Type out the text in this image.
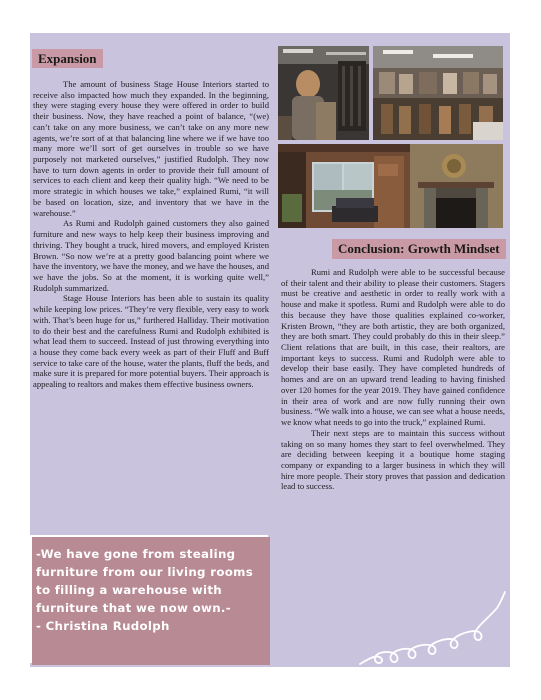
Expansion

The amount of business Stage House Interiors started to receive also impacted how much they expanded. In the beginning, they were staging every house they were offered in order to build their business. Now, they have reached a point of balance, “(we) can’t take on any more business, we can’t take on any more new agents, we’re sort of at that balancing line where we if we have too many more we’ll sort of get ourselves in trouble so we have purposely not marketed ourselves,” justified Rudolph. They now have to turn down agents in order to provide their full amount of services to each client and keep their quality high. “We need to be more strategic in which houses we take,” explained Rumi, “it will be based on location, size, and inventory that we have in the warehouse.”

As Rumi and Rudolph gained customers they also gained furniture and new ways to help keep their business improving and thriving. They bought a truck, hired movers, and employed Kristen Brown. “So now we’re at a pretty good balancing point where we have the inventory, we have the money, and we have the houses, and we have the jobs. So at the moment, it is working quite well,” Rudolph summarized.

Stage House Interiors has been able to sustain its quality while keeping low prices. “They’re very flexible, very easy to work with. That’s been huge for us,” furthered Halliday. Their motivation to do their best and the carefulness Rumi and Rudolph exhibited is what lead them to succeed. Instead of just throwing everything into a house they come back every week as part of their Fluff and Buff service to take care of the house, water the plants, fluff the beds, and make sure it is prepared for more potential buyers. Their approach is appealing to realtors and makes them effective business owners.

Conclusion: Growth Mindset

Rumi and Rudolph were able to be successful because of their talent and their ability to please their customers. Stagers must be creative and aesthetic in order to really work with a house and make it spotless. Rumi and Rudolph were able to do this because they have those qualities explained co-worker, Kristen Brown, “they are both artistic, they are both organized, they are both smart. They could probably do this in their sleep.” Client relations that are built, in this case, their realtors, are important keys to success. Rumi and Rudolph were able to develop their base easily. They have completed hundreds of homes and are on an upward trend leading to having finished over 120 homes for the year 2019. They have gained confidence in their area of work and are now fully running their own business. “We walk into a house, we can see what a house needs, we know what needs to go into the truck,” explained Rumi.

Their next steps are to maintain this success without taking on so many homes they start to feel overwhelmed. They are deciding between keeping it a boutique home staging company or expanding to a larger business in which they will hire more people. Their story proves that passion and dedication lead to success.

-We have gone from stealing
furniture from our living rooms
to filling a warehouse with
furniture that we now own.-
- Christina Rudolph
